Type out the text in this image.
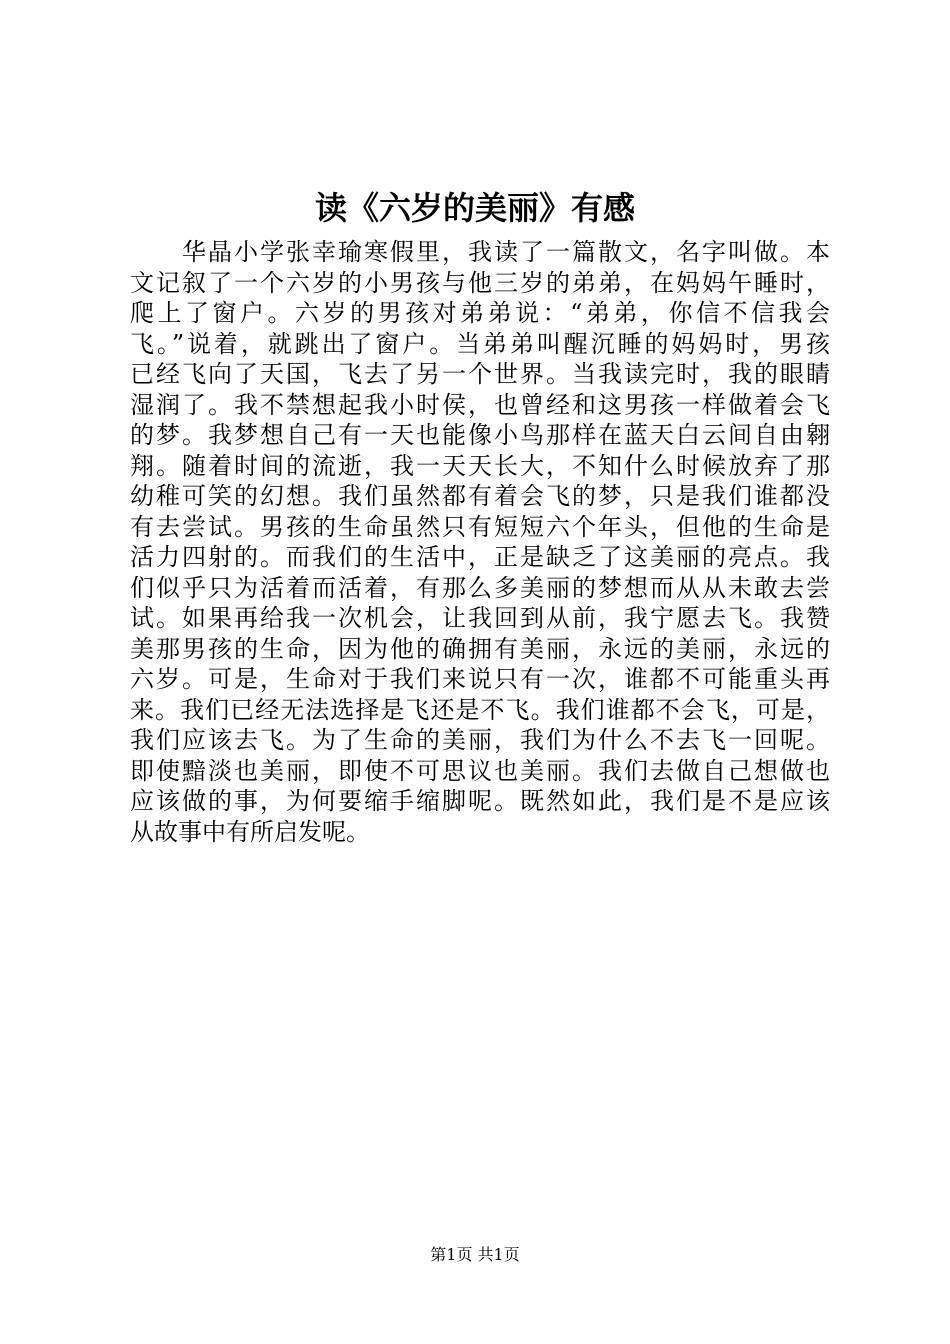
读《六岁的美丽》有感
　　华晶小学张幸瑜寒假里，我读了一篇散文，名字叫做。本
文记叙了一个六岁的小男孩与他三岁的弟弟，在妈妈午睡时，
爬上了窗户。六岁的男孩对弟弟说：“弟弟，你信不信我会
飞。”说着，就跳出了窗户。当弟弟叫醒沉睡的妈妈时，男孩
已经飞向了天国，飞去了另一个世界。当我读完时，我的眼睛
湿润了。我不禁想起我小时侯，也曾经和这男孩一样做着会飞
的梦。我梦想自己有一天也能像小鸟那样在蓝天白云间自由翱
翔。随着时间的流逝，我一天天长大，不知什么时候放弃了那
幼稚可笑的幻想。我们虽然都有着会飞的梦，只是我们谁都没
有去尝试。男孩的生命虽然只有短短六个年头，但他的生命是
活力四射的。而我们的生活中，正是缺乏了这美丽的亮点。我
们似乎只为活着而活着，有那么多美丽的梦想而从从未敢去尝
试。如果再给我一次机会，让我回到从前，我宁愿去飞。我赞
美那男孩的生命，因为他的确拥有美丽，永远的美丽，永远的
六岁。可是，生命对于我们来说只有一次，谁都不可能重头再
来。我们已经无法选择是飞还是不飞。我们谁都不会飞，可是，
我们应该去飞。为了生命的美丽，我们为什么不去飞一回呢。
即使黯淡也美丽，即使不可思议也美丽。我们去做自己想做也
应该做的事，为何要缩手缩脚呢。既然如此，我们是不是应该
从故事中有所启发呢。
第1页 共1页
